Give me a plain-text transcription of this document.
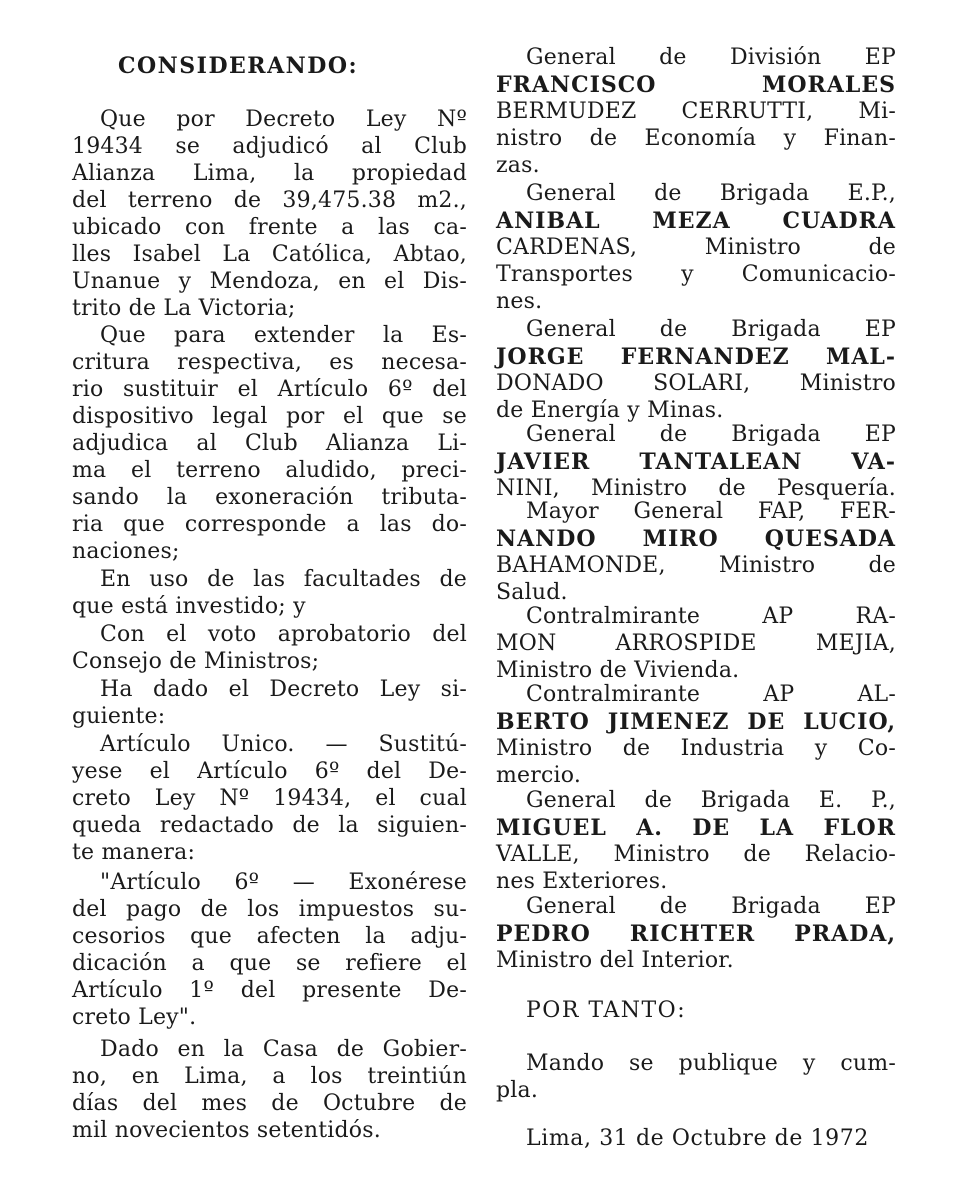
CONSIDERANDO:
Que por Decreto Ley Nº
19434 se adjudicó al Club
Alianza Lima, la propiedad
del terreno de 39,475.38 m2.,
ubicado con frente a las ca-
lles Isabel La Católica, Abtao,
Unanue y Mendoza, en el Dis-
trito de La Victoria;
Que para extender la Es-
critura respectiva, es necesa-
rio sustituir el Artículo 6º del
dispositivo legal por el que se
adjudica al Club Alianza Li-
ma el terreno aludido, preci-
sando la exoneración tributa-
ria que corresponde a las do-
naciones;
En uso de las facultades de
que está investido; y
Con el voto aprobatorio del
Consejo de Ministros;
Ha dado el Decreto Ley si-
guiente:
Artículo Unico. — Sustitú-
yese el Artículo 6º del De-
creto Ley Nº 19434, el cual
queda redactado de la siguien-
te manera:
"Artículo 6º — Exonérese
del pago de los impuestos su-
cesorios que afecten la adju-
dicación a que se refiere el
Artículo 1º del presente De-
creto Ley".
Dado en la Casa de Gobier-
no, en Lima, a los treintiún
días del mes de Octubre de
mil novecientos setentidós.
General de División EP
FRANCISCO MORALES
BERMUDEZ CERRUTTI, Mi-
nistro de Economía y Finan-
zas.
General de Brigada E.P.,
ANIBAL MEZA CUADRA
CARDENAS, Ministro de
Transportes y Comunicacio-
nes.
General de Brigada EP
JORGE FERNANDEZ MAL-
DONADO SOLARI, Ministro
de Energía y Minas.
General de Brigada EP
JAVIER TANTALEAN VA-
NINI, Ministro de Pesquería.
Mayor General FAP, FER-
NANDO MIRO QUESADA
BAHAMONDE, Ministro de
Salud.
Contralmirante AP RA-
MON ARROSPIDE MEJIA,
Ministro de Vivienda.
Contralmirante AP AL-
BERTO JIMENEZ DE LUCIO,
Ministro de Industria y Co-
mercio.
General de Brigada E. P.,
MIGUEL A. DE LA FLOR
VALLE, Ministro de Relacio-
nes Exteriores.
General de Brigada EP
PEDRO RICHTER PRADA,
Ministro del Interior.
POR TANTO:
Mando se publique y cum-
pla.
Lima, 31 de Octubre de 1972
